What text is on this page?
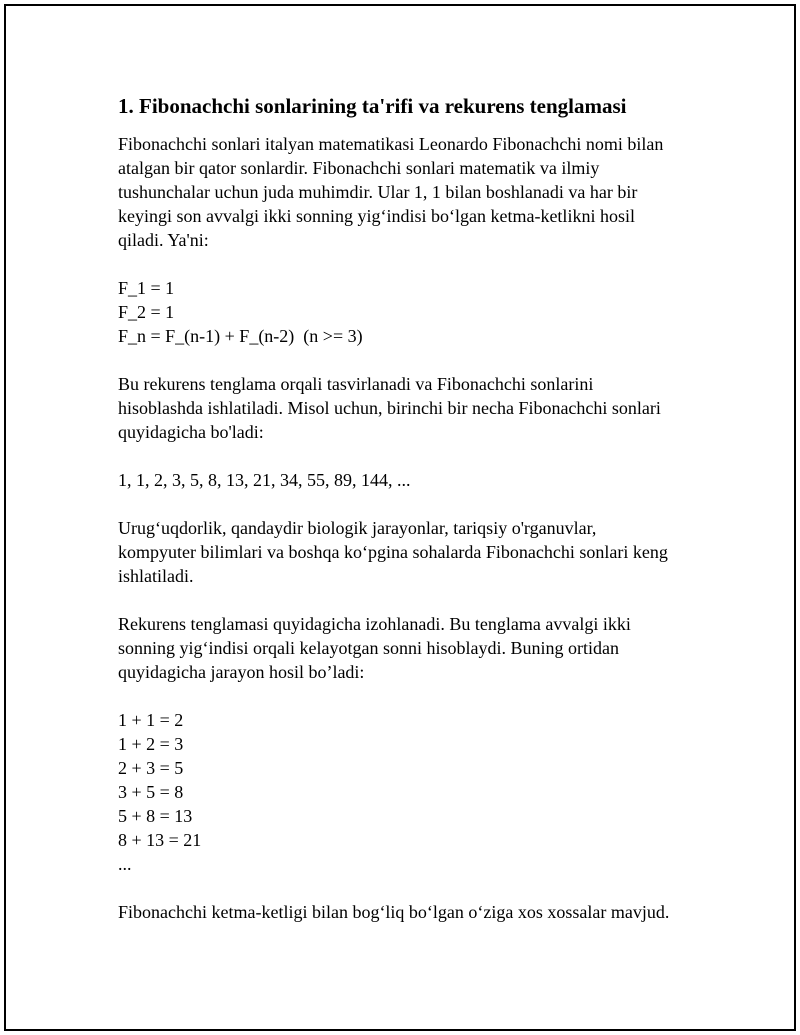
1. Fibonachchi sonlarining ta'rifi va rekurens tenglamasi

Fibonachchi sonlari italyan matematikasi Leonardo Fibonachchi nomi bilan
atalgan bir qator sonlardir. Fibonachchi sonlari matematik va ilmiy
tushunchalar uchun juda muhimdir. Ular 1, 1 bilan boshlanadi va har bir
keyingi son avvalgi ikki sonning yig‘indisi bo‘lgan ketma-ketlikni hosil
qiladi. Ya'ni:

F_1 = 1
F_2 = 1
F_n = F_(n-1) + F_(n-2)  (n >= 3)

Bu rekurens tenglama orqali tasvirlanadi va Fibonachchi sonlarini
hisoblashda ishlatiladi. Misol uchun, birinchi bir necha Fibonachchi sonlari
quyidagicha bo'ladi:

1, 1, 2, 3, 5, 8, 13, 21, 34, 55, 89, 144, ...

Urug‘uqdorlik, qandaydir biologik jarayonlar, tariqsiy o'rganuvlar,
kompyuter bilimlari va boshqa ko‘pgina sohalarda Fibonachchi sonlari keng
ishlatiladi.

Rekurens tenglamasi quyidagicha izohlanadi. Bu tenglama avvalgi ikki
sonning yig‘indisi orqali kelayotgan sonni hisoblaydi. Buning ortidan
quyidagicha jarayon hosil bo’ladi:

1 + 1 = 2
1 + 2 = 3
2 + 3 = 5
3 + 5 = 8
5 + 8 = 13
8 + 13 = 21
...

Fibonachchi ketma-ketligi bilan bog‘liq bo‘lgan o‘ziga xos xossalar mavjud.
